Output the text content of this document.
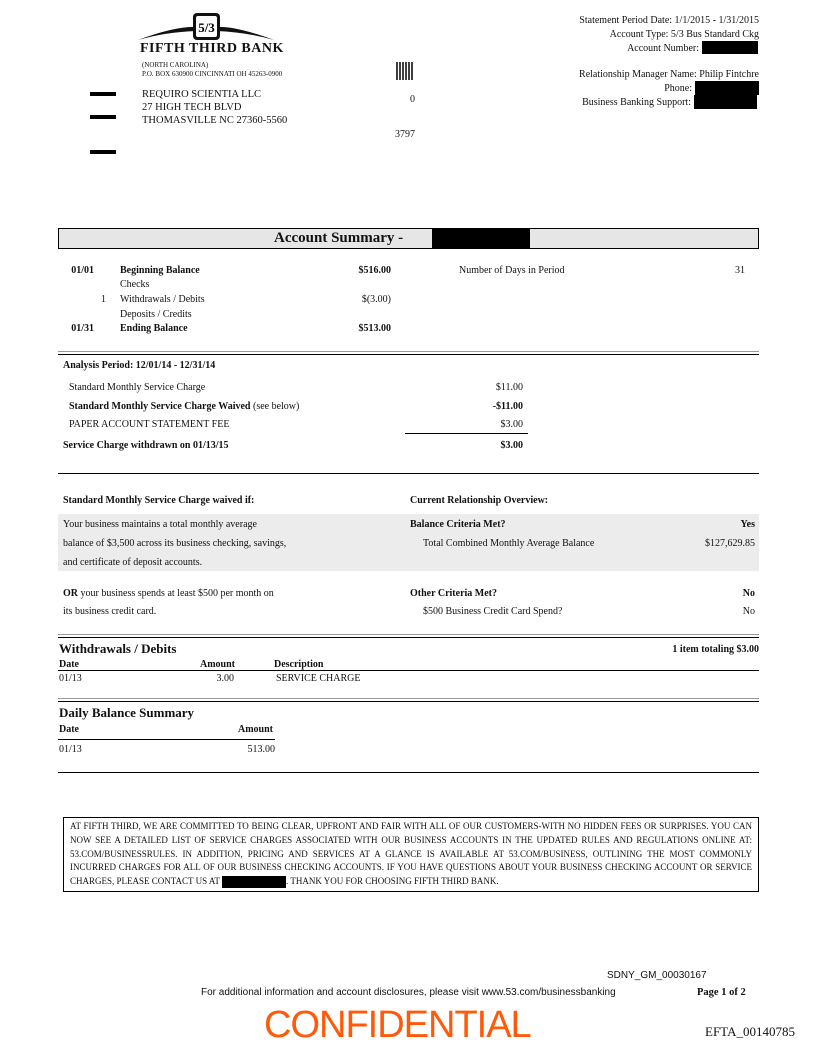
5/3
FIFTH THIRD BANK
(NORTH CAROLINA)
P.O. BOX 630900 CINCINNATI OH 45263-0900
REQUIRO SCIENTIA LLC
27 HIGH TECH BLVD
THOMASVILLE NC 27360-5560
0
3797
Statement Period Date: 1/1/2015 - 1/31/2015
Account Type: 5/3 Bus Standard Ckg
Account Number:
Relationship Manager Name: Philip Fintchre
Phone:
Business Banking Support:
Account Summary -
01/01	Beginning Balance	$516.00
Checks
1 Withdrawals / Debits	$(3.00)
Deposits / Credits
01/31	Ending Balance	$513.00
Number of Days in Period	31
Analysis Period: 12/01/14 - 12/31/14
Standard Monthly Service Charge	$11.00
Standard Monthly Service Charge Waived (see below)	-$11.00
PAPER ACCOUNT STATEMENT FEE	$3.00
Service Charge withdrawn on 01/13/15	$3.00
Standard Monthly Service Charge waived if:
Your business maintains a total monthly average
balance of $3,500 across its business checking, savings,
and certificate of deposit accounts.
OR your business spends at least $500 per month on
its business credit card.
Current Relationship Overview:
Balance Criteria Met?	Yes
Total Combined Monthly Average Balance	$127,629.85
Other Criteria Met?	No
$500 Business Credit Card Spend?	No
Withdrawals / Debits	1 item totaling $3.00
Date	Amount	Description
01/13	3.00	SERVICE CHARGE
Daily Balance Summary
Date	Amount
01/13	513.00
AT FIFTH THIRD, WE ARE COMMITTED TO BEING CLEAR, UPFRONT AND FAIR WITH ALL OF OUR CUSTOMERS-WITH NO HIDDEN FEES OR SURPRISES. YOU CAN NOW SEE A DETAILED LIST OF SERVICE CHARGES ASSOCIATED WITH OUR BUSINESS ACCOUNTS IN THE UPDATED RULES AND REGULATIONS ONLINE AT: 53.COM/BUSINESSRULES. IN ADDITION, PRICING AND SERVICES AT A GLANCE IS AVAILABLE AT 53.COM/BUSINESS, OUTLINING THE MOST COMMONLY INCURRED CHARGES FOR ALL OF OUR BUSINESS CHECKING ACCOUNTS. IF YOU HAVE QUESTIONS ABOUT YOUR BUSINESS CHECKING ACCOUNT OR SERVICE CHARGES, PLEASE CONTACT US AT	. THANK YOU FOR CHOOSING FIFTH THIRD BANK.
SDNY_GM_00030167
For additional information and account disclosures, please visit www.53.com/businessbanking	Page 1 of 2
CONFIDENTIAL	EFTA_00140785
